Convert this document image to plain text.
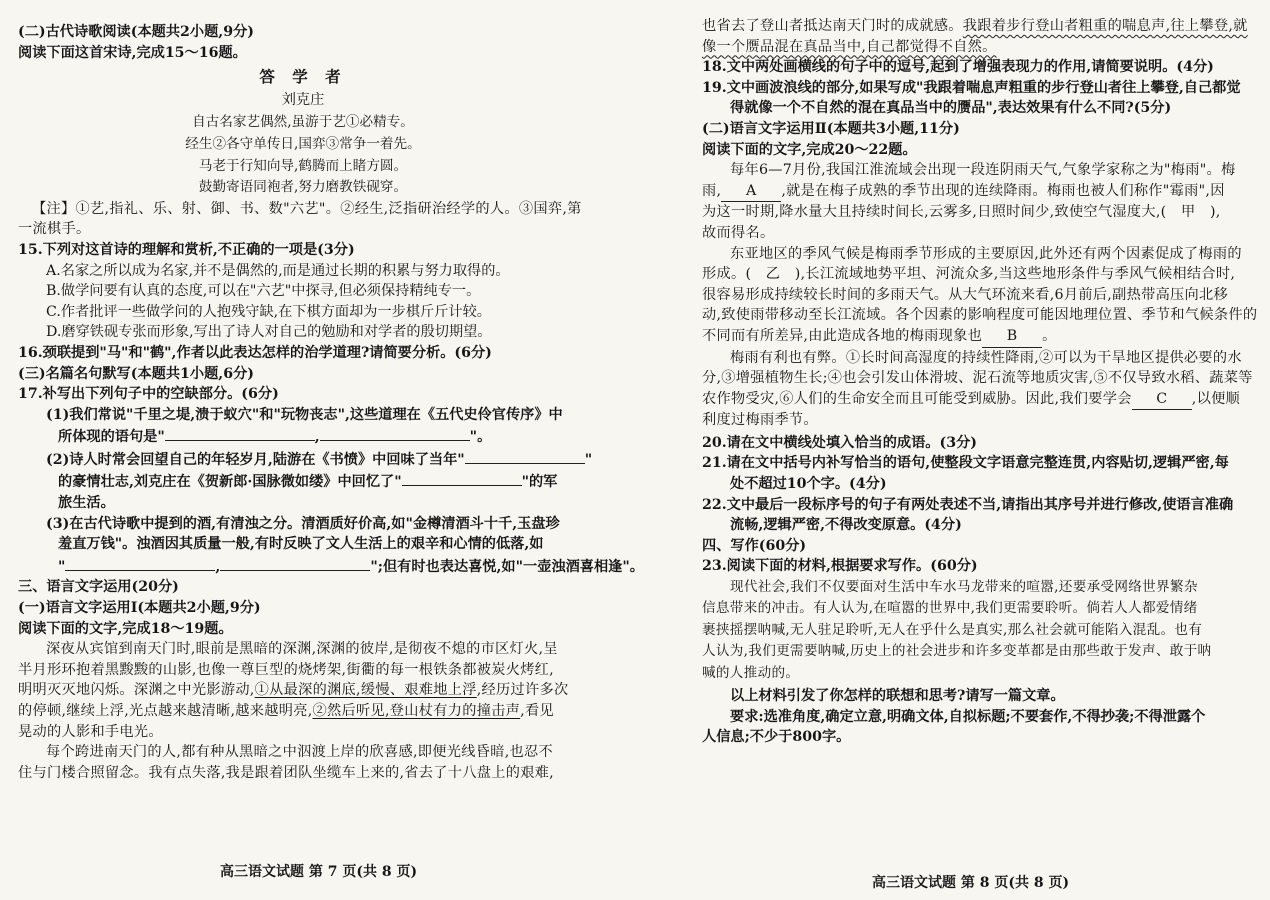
(二)古代诗歌阅读(本题共2小题,9分)
阅读下面这首宋诗,完成15～16题。
答 学 者
刘克庄
自古名家艺偶然,虽游于艺①必精专。
经生②各守单传日,国弈③常争一着先。
马老于行知向导,鹤腾而上睹方圆。
鼓勤寄语同袍者,努力磨教铁砚穿。
【注】①艺,指礼、乐、射、御、书、数"六艺"。②经生,泛指研治经学的人。③国弈,第
一流棋手。
15.下列对这首诗的理解和赏析,不正确的一项是(3分)
A.名家之所以成为名家,并不是偶然的,而是通过长期的积累与努力取得的。
B.做学问要有认真的态度,可以在"六艺"中探寻,但必须保持精纯专一。
C.作者批评一些做学问的人抱残守缺,在下棋方面却为一步棋斤斤计较。
D.磨穿铁砚专张而形象,写出了诗人对自己的勉励和对学者的殷切期望。
16.颈联提到"马"和"鹤",作者以此表达怎样的治学道理?请简要分析。(6分)
(三)名篇名句默写(本题共1小题,6分)
17.补写出下列句子中的空缺部分。(6分)
(1)我们常说"千里之堤,溃于蚁穴"和"玩物丧志",这些道理在《五代史伶官传序》中
所体现的语句是"	,	"。
(2)诗人时常会回望自己的年轻岁月,陆游在《书愤》中回味了当年"	"
的豪情壮志,刘克庄在《贺新郎·国脉微如缕》中回忆了"	"的军
旅生活。
(3)在古代诗歌中提到的酒,有清浊之分。清酒质好价高,如"金樽清酒斗十千,玉盘珍
羞直万钱"。浊酒因其质量一般,有时反映了文人生活上的艰辛和心情的低落,如
"	,	";但有时也表达喜悦,如"一壶浊酒喜相逢"。
三、语言文字运用(20分)
(一)语言文字运用Ⅰ(本题共2小题,9分)
阅读下面的文字,完成18～19题。
深夜从宾馆到南天门时,眼前是黑暗的深渊,深渊的彼岸,是彻夜不熄的市区灯火,呈
半月形环抱着黑黢黢的山影,也像一尊巨型的烧烤架,街衢的每一根铁条都被炭火烤红,
明明灭灭地闪烁。深渊之中光影游动,①从最深的渊底,缓慢、艰难地上浮,经历过许多次
的停顿,继续上浮,光点越来越清晰,越来越明亮,②然后听见,登山杖有力的撞击声,看见
晃动的人影和手电光。
每个跨进南天门的人,都有种从黑暗之中泅渡上岸的欣喜感,即便光线昏暗,也忍不
住与门楼合照留念。我有点失落,我是跟着团队坐缆车上来的,省去了十八盘上的艰难,
高三语文试题 第 7 页(共 8 页)
也省去了登山者抵达南天门时的成就感。我跟着步行登山者粗重的喘息声,往上攀登,就
像一个赝品混在真品当中,自己都觉得不自然。
18.文中两处画横线的句子中的逗号,起到了增强表现力的作用,请简要说明。(4分)
19.文中画波浪线的部分,如果写成"我跟着喘息声粗重的步行登山者往上攀登,自己都觉
得就像一个不自然的混在真品当中的赝品",表达效果有什么不同?(5分)
(二)语言文字运用Ⅱ(本题共3小题,11分)
阅读下面的文字,完成20～22题。
每年6—7月份,我国江淮流域会出现一段连阴雨天气,气象学家称之为"梅雨"。梅
雨, A ,就是在梅子成熟的季节出现的连续降雨。梅雨也被人们称作"霉雨",因
为这一时期,降水量大且持续时间长,云雾多,日照时间少,致使空气湿度大,(　甲　),
故而得名。
东亚地区的季风气候是梅雨季节形成的主要原因,此外还有两个因素促成了梅雨的
形成。(　乙　),长江流域地势平坦、河流众多,当这些地形条件与季风气候相结合时,
很容易形成持续较长时间的多雨天气。从大气环流来看,6月前后,副热带高压向北移
动,致使雨带移动至长江流域。各个因素的影响程度可能因地理位置、季节和气候条件的
不同而有所差异,由此造成各地的梅雨现象也 B 。
梅雨有利也有弊。①长时间高湿度的持续性降雨,②可以为干旱地区提供必要的水
分,③增强植物生长;④也会引发山体滑坡、泥石流等地质灾害,⑤不仅导致水稻、蔬菜等
农作物受灾,⑥人们的生命安全而且可能受到威胁。因此,我们要学会 C ,以便顺
利度过梅雨季节。
20.请在文中横线处填入恰当的成语。(3分)
21.请在文中括号内补写恰当的语句,使整段文字语意完整连贯,内容贴切,逻辑严密,每
处不超过10个字。(4分)
22.文中最后一段标序号的句子有两处表述不当,请指出其序号并进行修改,使语言准确
流畅,逻辑严密,不得改变原意。(4分)
四、写作(60分)
23.阅读下面的材料,根据要求写作。(60分)
现代社会,我们不仅要面对生活中车水马龙带来的喧嚣,还要承受网络世界繁杂
信息带来的冲击。有人认为,在喧嚣的世界中,我们更需要聆听。倘若人人都爱情绪
裹挟摇摆呐喊,无人驻足聆听,无人在乎什么是真实,那么社会就可能陷入混乱。也有
人认为,我们更需要呐喊,历史上的社会进步和许多变革都是由那些敢于发声、敢于呐
喊的人推动的。
以上材料引发了你怎样的联想和思考?请写一篇文章。
要求:选准角度,确定立意,明确文体,自拟标题;不要套作,不得抄袭;不得泄露个
人信息;不少于800字。
高三语文试题 第 8 页(共 8 页)
